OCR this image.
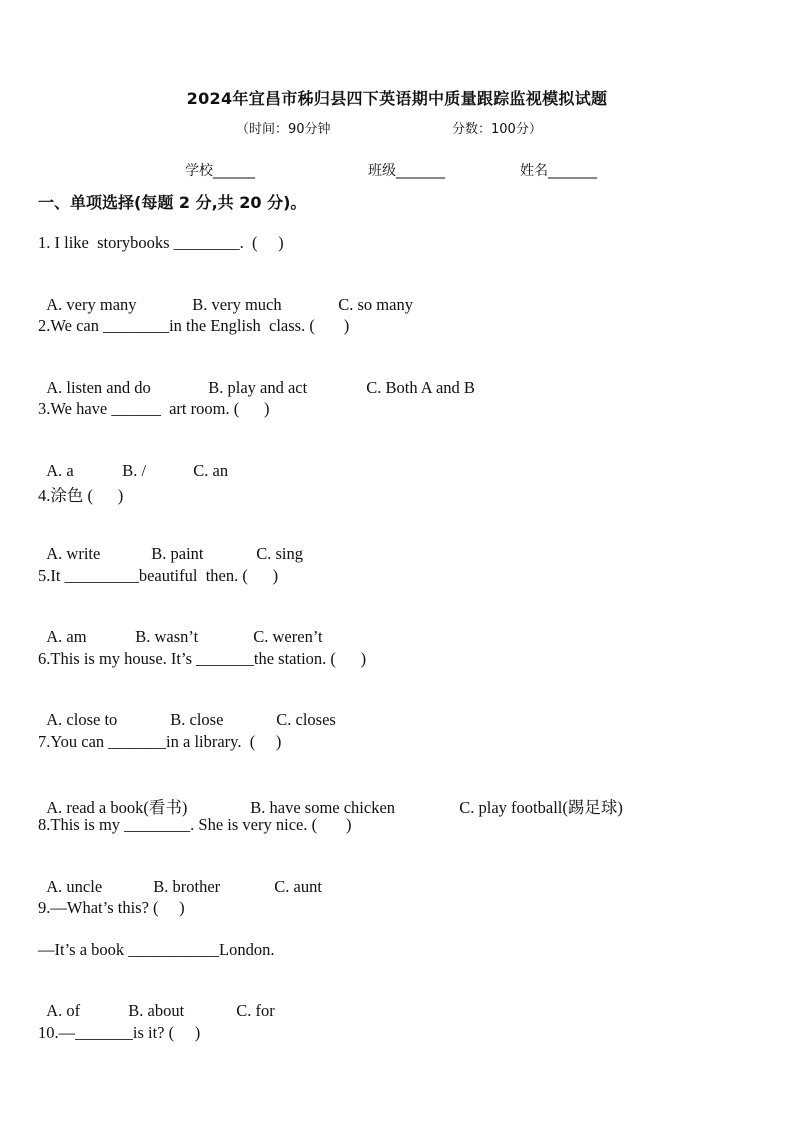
2024年宜昌市秭归县四下英语期中质量跟踪监视模拟试题
（时间：90分钟	分数：100分）
学校______	班级_______	姓名_______
一、单项选择(每题 2 分,共 20 分)。
1. I like  storybooks ________.  (     )

A. very many	B. very much	C. so many

2.We can ________in the English  class. (       )

A. listen and do	B. play and act	C. Both A and B

3.We have ______  art room. (      )

A. a	B. /	C. an

4.涂色 (      )

A. write	B. paint	C. sing

5.It _________beautiful  then. (      )

A. am	B. wasn’t	C. weren’t

6.This is my house. It’s _______the station. (      )

A. close to	B. close	C. closes

7.You can _______in a library.  (     )

A. read a book(看书)	B. have some chicken	C. play football(踢足球)

8.This is my ________. She is very nice. (       )

A. uncle	B. brother	C. aunt

9.—What’s this? (     )
—It’s a book ___________London.

A. of	B. about	C. for

10.—_______is it? (     )
